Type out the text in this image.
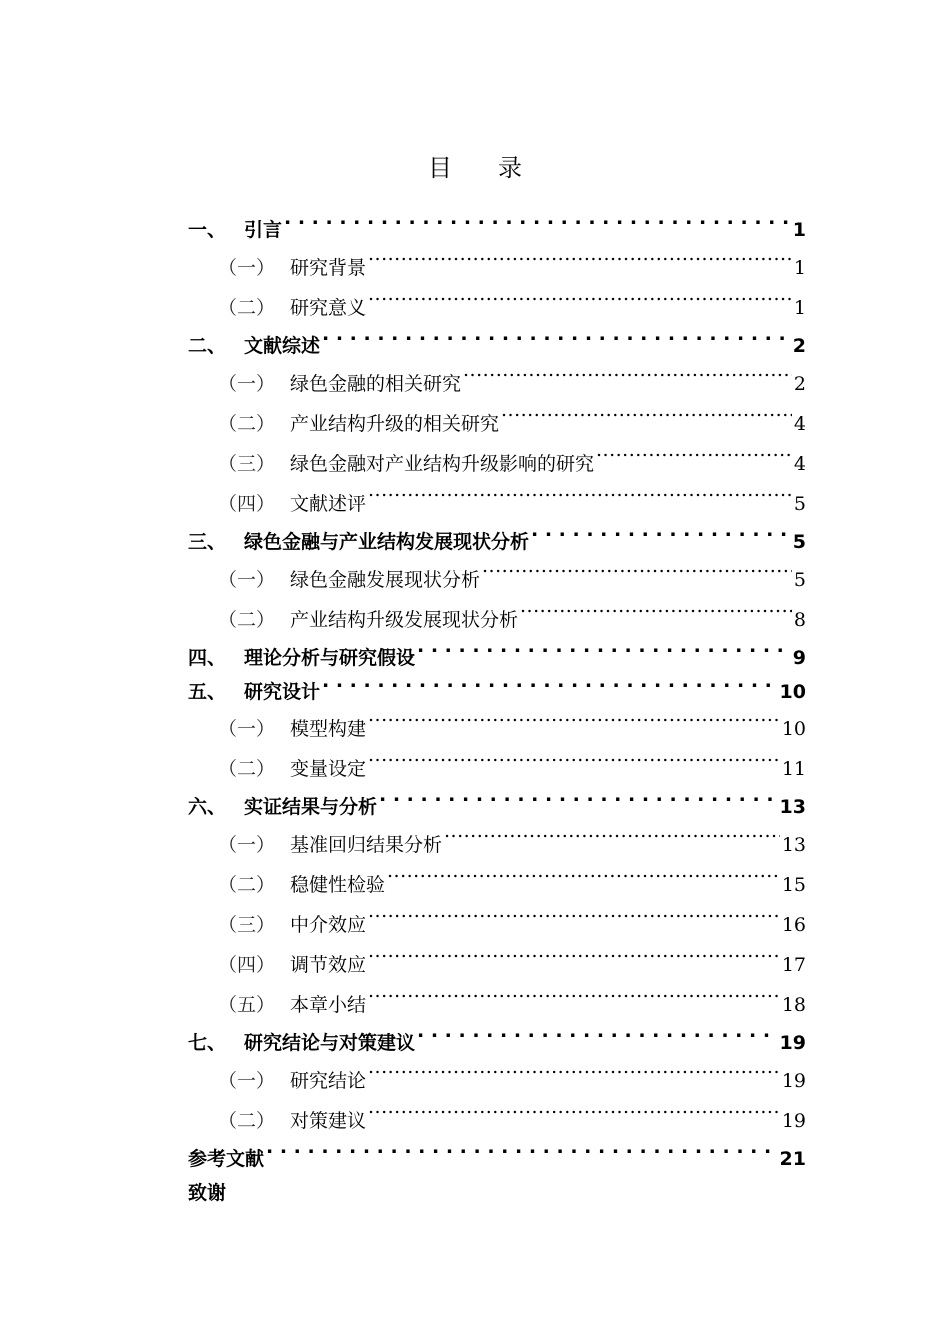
目 录
一、 引言 . . .	1
（一） 研究背景 .....	1
（二） 研究意义 .....	1
二、 文献综述 . . .	2
（一） 绿色金融的相关研究 .....	2
（二） 产业结构升级的相关研究 .....	4
（三） 绿色金融对产业结构升级影响的研究 .....	4
（四） 文献述评 .....	5
三、 绿色金融与产业结构发展现状分析 . . .	5
（一） 绿色金融发展现状分析 .....	5
（二） 产业结构升级发展现状分析 .....	8
四、 理论分析与研究假设 . . .	9
五、 研究设计 . . .	10
（一） 模型构建 .....	10
（二） 变量设定 .....	11
六、 实证结果与分析 . . .	13
（一） 基准回归结果分析 .....	13
（二） 稳健性检验 .....	15
（三） 中介效应 .....	16
（四） 调节效应 .....	17
（五） 本章小结 .....	18
七、 研究结论与对策建议 . . .	19
（一） 研究结论 .....	19
（二） 对策建议 .....	19
参考文献 . . .	21
致谢
